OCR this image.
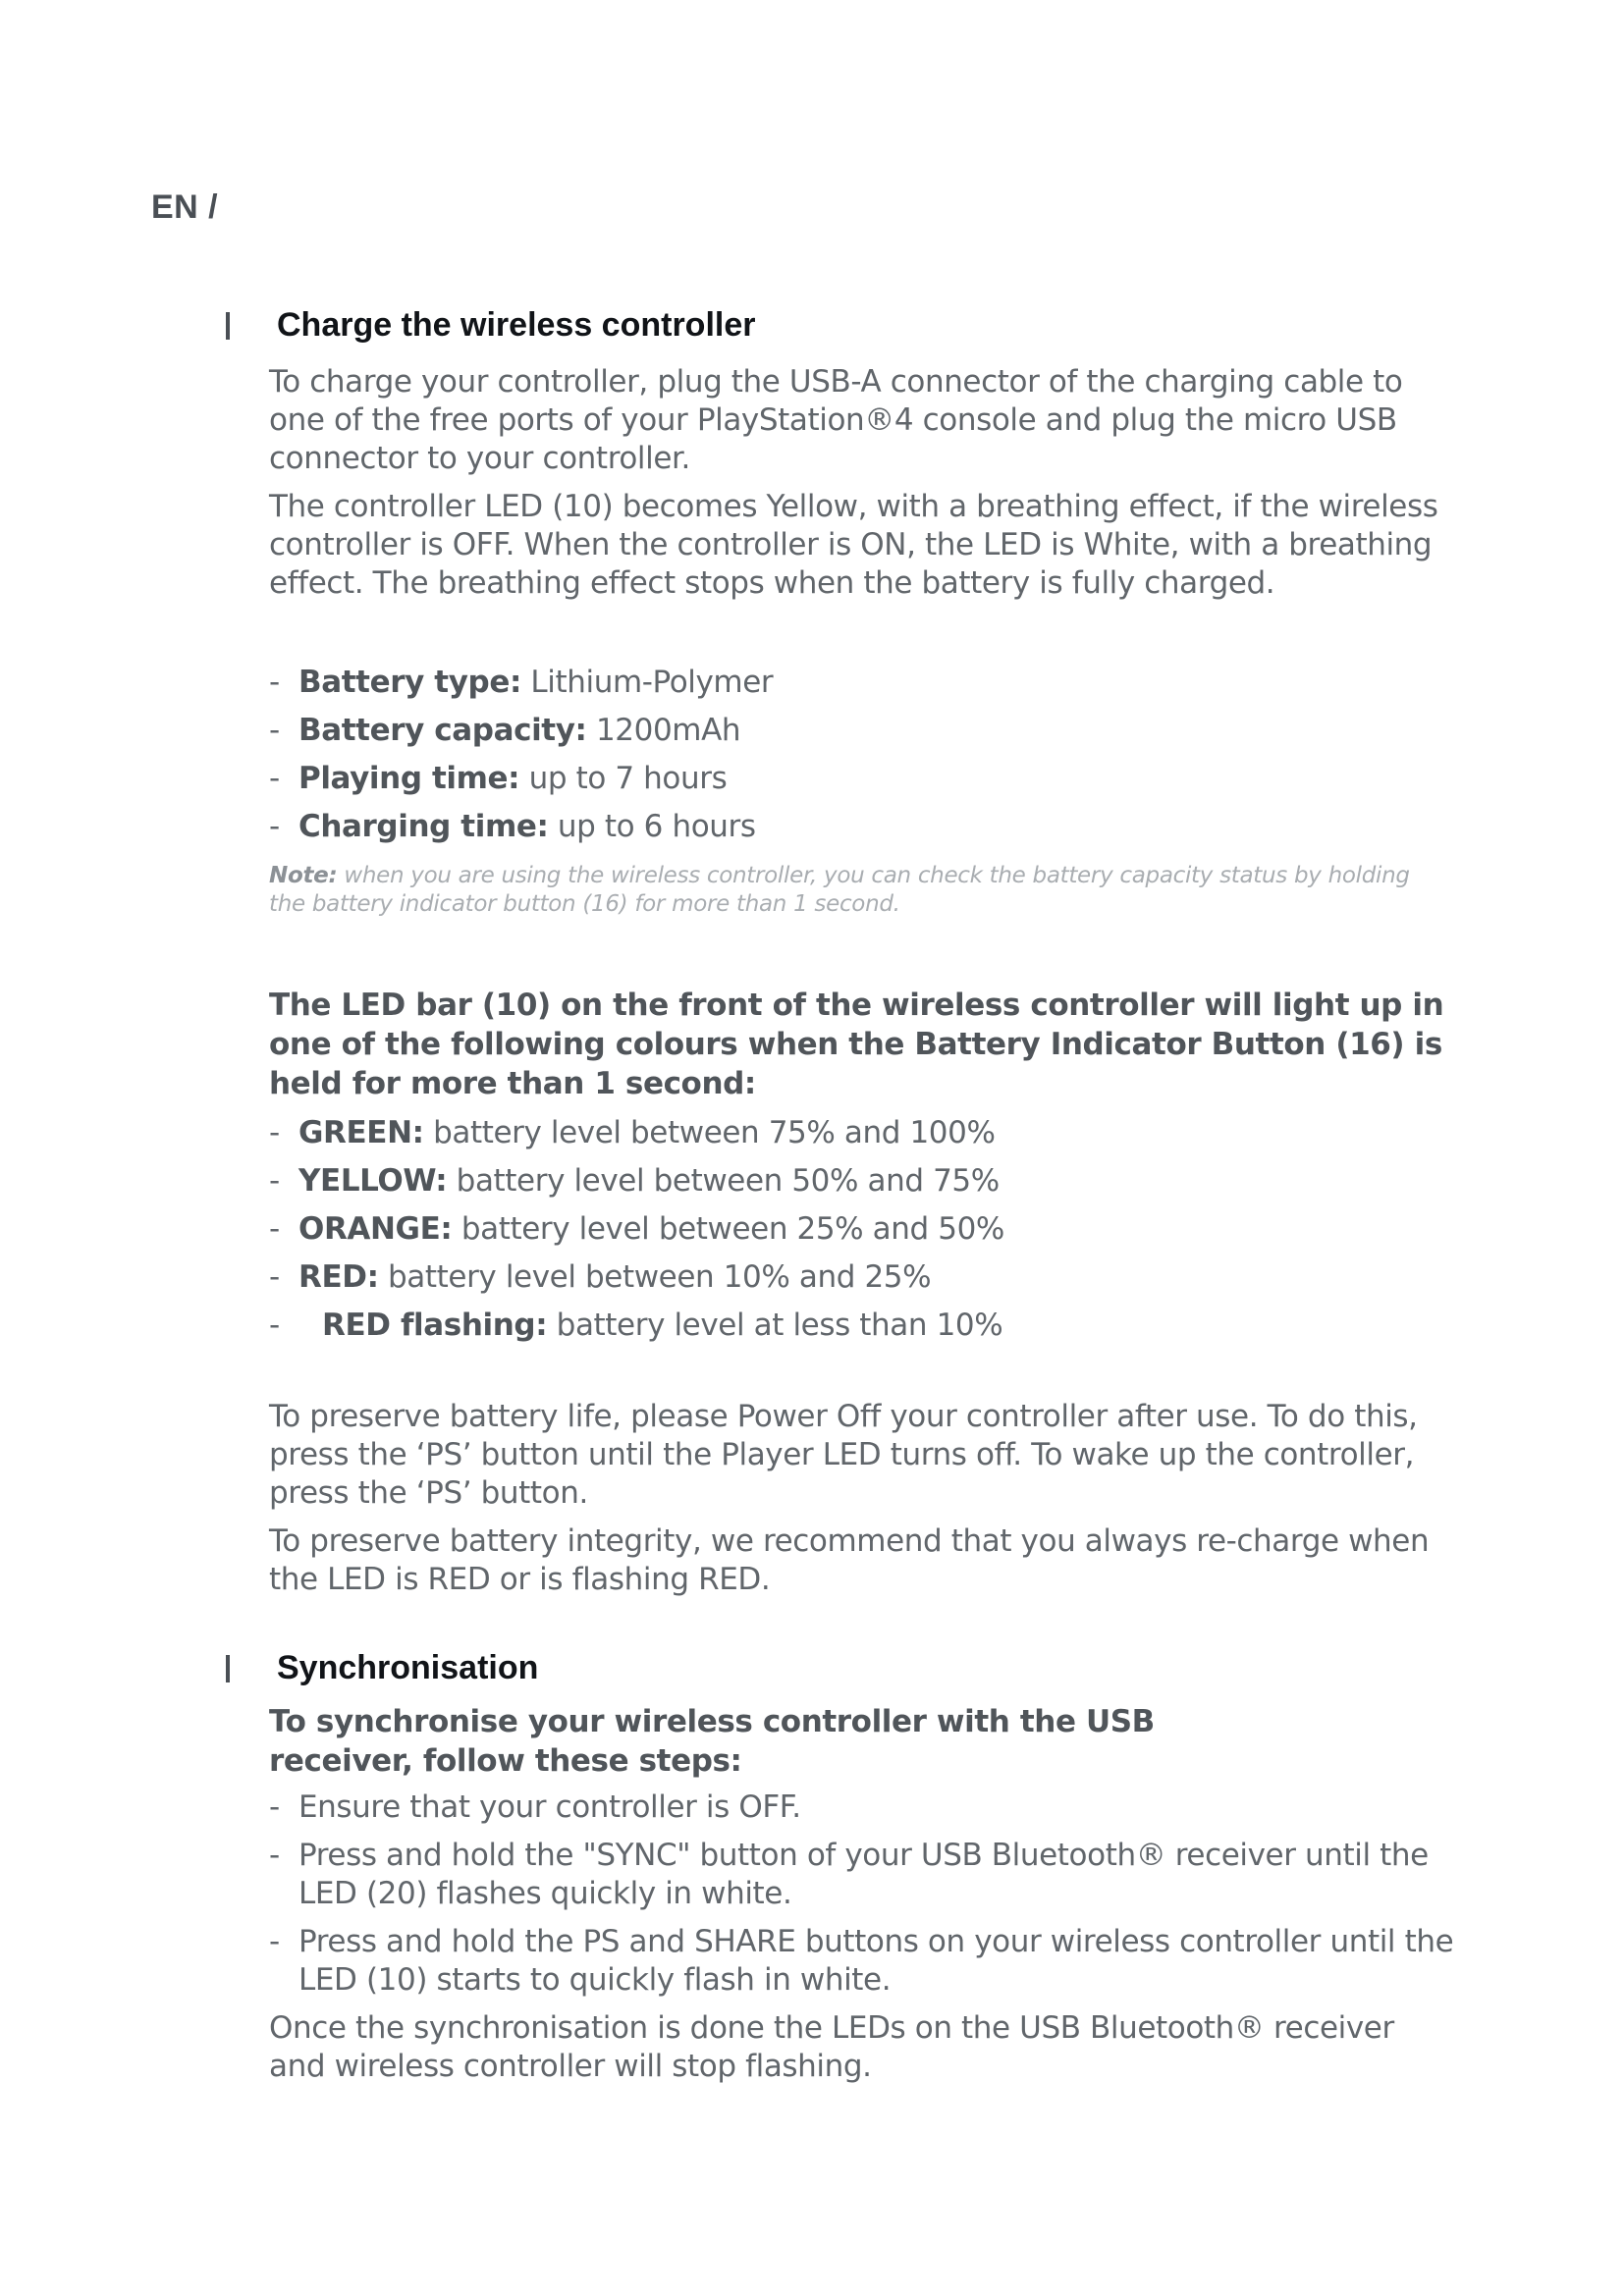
EN /
Charge the wireless controller

To charge your controller, plug the USB-A connector of the charging cable to one of the free ports of your PlayStation®4 console and plug the micro USB connector to your controller.

The controller LED (10) becomes Yellow, with a breathing effect, if the wireless controller is OFF. When the controller is ON, the LED is White, with a breathing effect. The breathing effect stops when the battery is fully charged.

- Battery type: Lithium-Polymer
- Battery capacity: 1200mAh
- Playing time: up to 7 hours
- Charging time: up to 6 hours

Note: when you are using the wireless controller, you can check the battery capacity status by holding the battery indicator button (16) for more than 1 second.

The LED bar (10) on the front of the wireless controller will light up in one of the following colours when the Battery Indicator Button (16) is held for more than 1 second:

- GREEN: battery level between 75% and 100%
- YELLOW: battery level between 50% and 75%
- ORANGE: battery level between 25% and 50%
- RED: battery level between 10% and 25%
- RED flashing: battery level at less than 10%

To preserve battery life, please Power Off your controller after use. To do this, press the ‘PS’ button until the Player LED turns off. To wake up the controller, press the ‘PS’ button.

To preserve battery integrity, we recommend that you always re-charge when the LED is RED or is flashing RED.

Synchronisation

To synchronise your wireless controller with the USB receiver, follow these steps:

- Ensure that your controller is OFF.
- Press and hold the "SYNC" button of your USB Bluetooth® receiver until the LED (20) flashes quickly in white.
- Press and hold the PS and SHARE buttons on your wireless controller until the LED (10) starts to quickly flash in white.

Once the synchronisation is done the LEDs on the USB Bluetooth® receiver and wireless controller will stop flashing.
